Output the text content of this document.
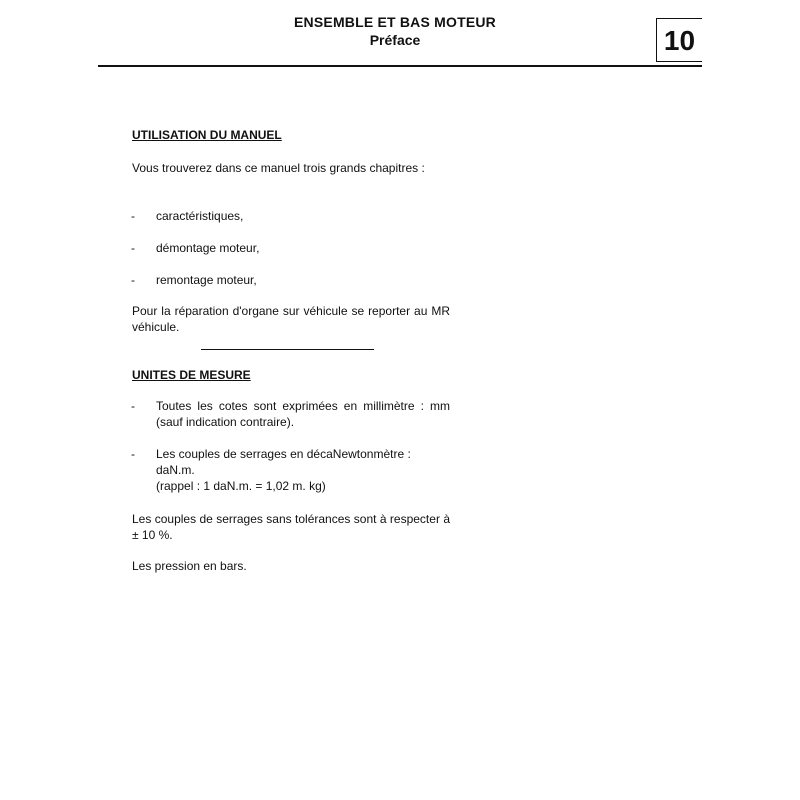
ENSEMBLE ET BAS MOTEUR
Préface	10
UTILISATION DU MANUEL
Vous trouverez dans ce manuel trois grands chapitres :
- caractéristiques,
- démontage moteur,
- remontage moteur,
Pour la réparation d'organe sur véhicule se reporter au MR véhicule.
UNITES DE MESURE
- Toutes les cotes sont exprimées en millimètre : mm (sauf indication contraire).
- Les couples de serrages en décaNewtonmètre :
daN.m.
(rappel : 1 daN.m. = 1,02 m. kg)
Les couples de serrages sans tolérances sont à respecter à ± 10 %.
Les pression en bars.
